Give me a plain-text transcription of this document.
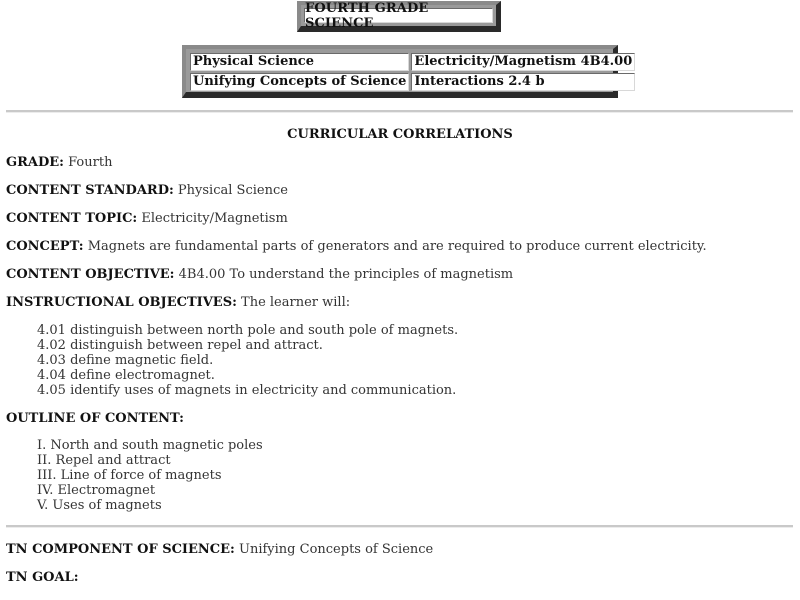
FOURTH GRADE SCIENCE
Physical Science	Electricity/Magnetism 4B4.00
Unifying Concepts of Science	Interactions 2.4 b
CURRICULAR CORRELATIONS
GRADE: Fourth
CONTENT STANDARD: Physical Science
CONTENT TOPIC: Electricity/Magnetism
CONCEPT: Magnets are fundamental parts of generators and are required to produce current electricity.
CONTENT OBJECTIVE: 4B4.00 To understand the principles of magnetism
INSTRUCTIONAL OBJECTIVES: The learner will:
4.01 distinguish between north pole and south pole of magnets.
4.02 distinguish between repel and attract.
4.03 define magnetic field.
4.04 define electromagnet.
4.05 identify uses of magnets in electricity and communication.
OUTLINE OF CONTENT:
I. North and south magnetic poles
II. Repel and attract
III. Line of force of magnets
IV. Electromagnet
V. Uses of magnets
TN COMPONENT OF SCIENCE: Unifying Concepts of Science
TN GOAL:
